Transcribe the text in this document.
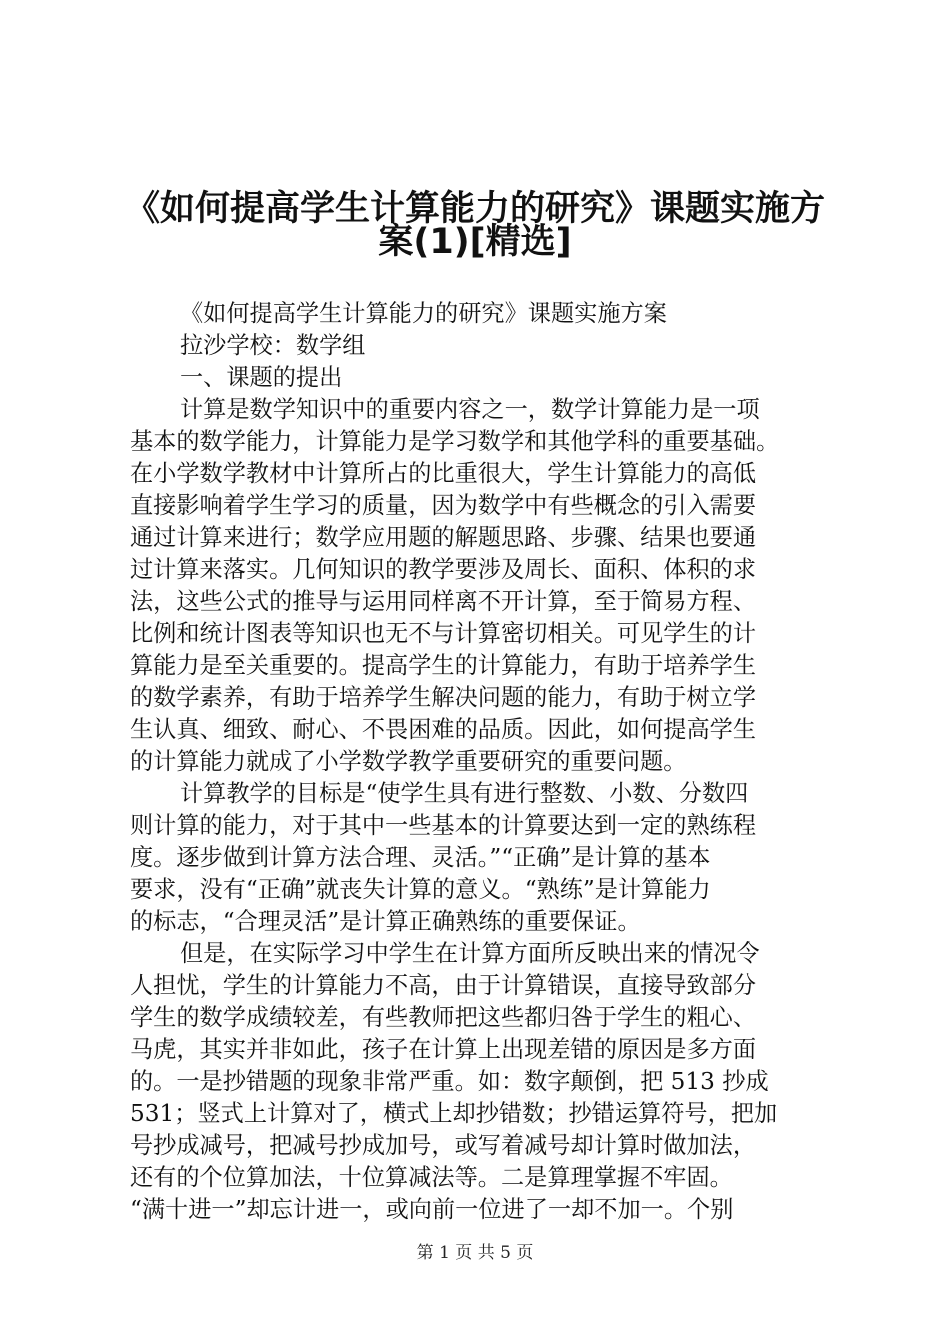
《如何提高学生计算能力的研究》课题实施方
案(1)[精选]
《如何提高学生计算能力的研究》课题实施方案
拉沙学校：数学组
一、课题的提出
计算是数学知识中的重要内容之一，数学计算能力是一项
基本的数学能力，计算能力是学习数学和其他学科的重要基础。
在小学数学教材中计算所占的比重很大，学生计算能力的高低
直接影响着学生学习的质量，因为数学中有些概念的引入需要
通过计算来进行；数学应用题的解题思路、步骤、结果也要通
过计算来落实。几何知识的教学要涉及周长、面积、体积的求
法，这些公式的推导与运用同样离不开计算，至于简易方程、
比例和统计图表等知识也无不与计算密切相关。可见学生的计
算能力是至关重要的。提高学生的计算能力，有助于培养学生
的数学素养，有助于培养学生解决问题的能力，有助于树立学
生认真、细致、耐心、不畏困难的品质。因此，如何提高学生
的计算能力就成了小学数学教学重要研究的重要问题。
计算教学的目标是“使学生具有进行整数、小数、分数四
则计算的能力，对于其中一些基本的计算要达到一定的熟练程
度。逐步做到计算方法合理、灵活。”“正确”是计算的基本
要求，没有“正确”就丧失计算的意义。“熟练”是计算能力
的标志，“合理灵活”是计算正确熟练的重要保证。
但是，在实际学习中学生在计算方面所反映出来的情况令
人担忧，学生的计算能力不高，由于计算错误，直接导致部分
学生的数学成绩较差，有些教师把这些都归咎于学生的粗心、
马虎，其实并非如此，孩子在计算上出现差错的原因是多方面
的。一是抄错题的现象非常严重。如：数字颠倒，把 513 抄成
531；竖式上计算对了，横式上却抄错数；抄错运算符号，把加
号抄成减号，把减号抄成加号，或写着减号却计算时做加法，
还有的个位算加法，十位算减法等。二是算理掌握不牢固。
“满十进一”却忘计进一，或向前一位进了一却不加一。个别
第 1 页 共 5 页
